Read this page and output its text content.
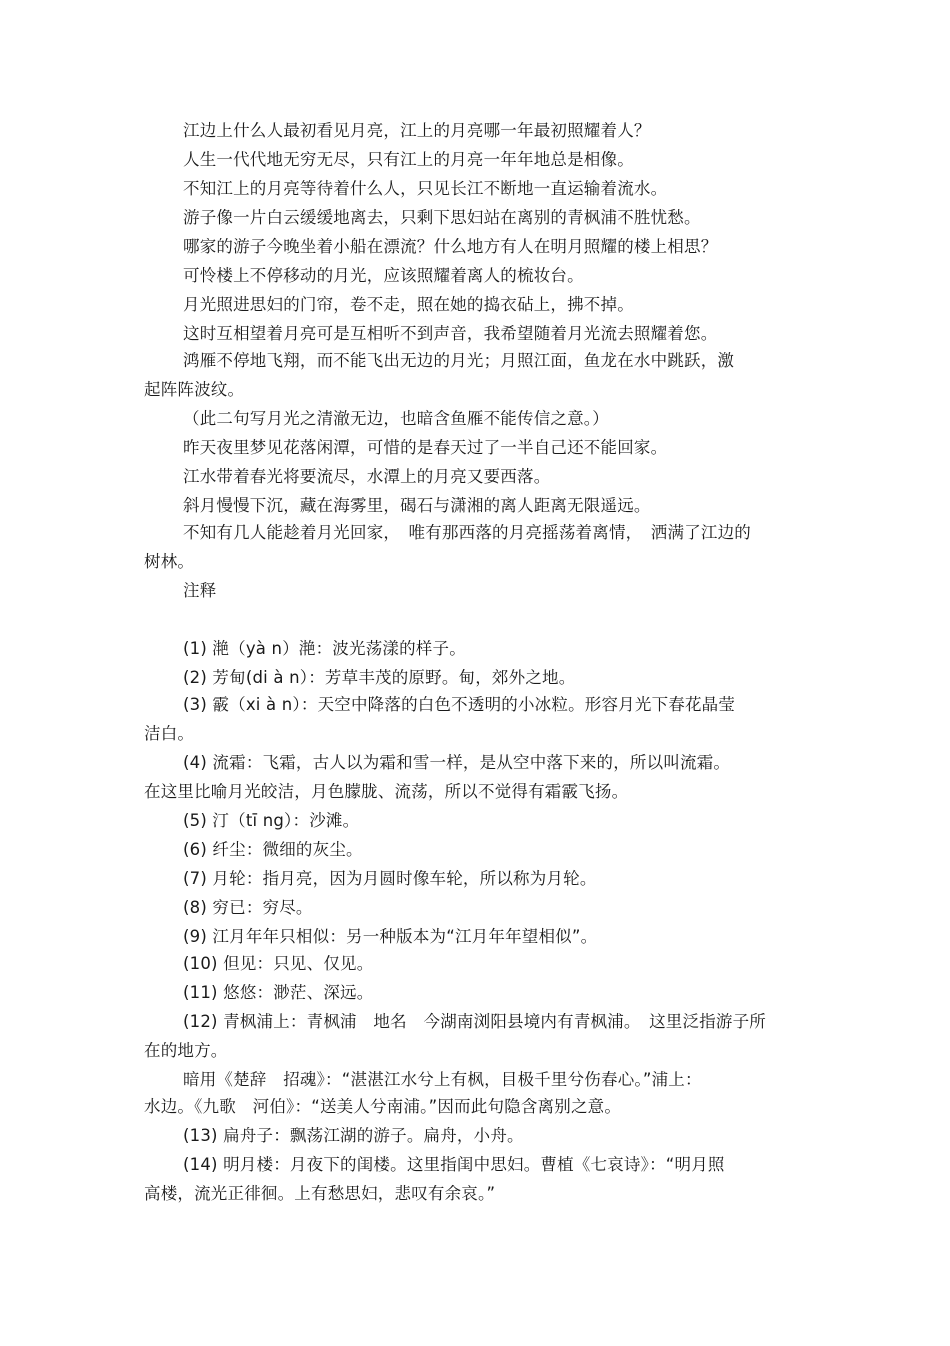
江边上什么人最初看见月亮，江上的月亮哪一年最初照耀着人？
人生一代代地无穷无尽，只有江上的月亮一年年地总是相像。
不知江上的月亮等待着什么人，只见长江不断地一直运输着流水。
游子像一片白云缓缓地离去，只剩下思妇站在离别的青枫浦不胜忧愁。
哪家的游子今晚坐着小船在漂流？什么地方有人在明月照耀的楼上相思？
可怜楼上不停移动的月光，应该照耀着离人的梳妆台。
月光照进思妇的门帘，卷不走，照在她的捣衣砧上，拂不掉。
这时互相望着月亮可是互相听不到声音，我希望随着月光流去照耀着您。
鸿雁不停地飞翔，而不能飞出无边的月光；月照江面，鱼龙在水中跳跃，激
起阵阵波纹。
（此二句写月光之清澈无边，也暗含鱼雁不能传信之意。）
昨天夜里梦见花落闲潭，可惜的是春天过了一半自己还不能回家。
江水带着春光将要流尽，水潭上的月亮又要西落。
斜月慢慢下沉，藏在海雾里，碣石与潇湘的离人距离无限遥远。
不知有几人能趁着月光回家，　唯有那西落的月亮摇荡着离情，　洒满了江边的
树林。
注释
(1) 滟（yà n）滟：波光荡漾的样子。
(2) 芳甸(di à n）：芳草丰茂的原野。甸，郊外之地。
(3) 霰（xi à n）：天空中降落的白色不透明的小冰粒。形容月光下春花晶莹
洁白。
(4) 流霜：飞霜，古人以为霜和雪一样，是从空中落下来的，所以叫流霜。
在这里比喻月光皎洁，月色朦胧、流荡，所以不觉得有霜霰飞扬。
(5) 汀（tī ng）：沙滩。
(6) 纤尘：微细的灰尘。
(7) 月轮：指月亮，因为月圆时像车轮，所以称为月轮。
(8) 穷已：穷尽。
(9) 江月年年只相似：另一种版本为“江月年年望相似”。
(10) 但见：只见、仅见。
(11) 悠悠：渺茫、深远。
(12) 青枫浦上：青枫浦　地名　今湖南浏阳县境内有青枫浦。　这里泛指游子所
在的地方。
暗用《楚辞　招魂》：“湛湛江水兮上有枫，目极千里兮伤春心。”浦上：
水边。《九歌　河伯》：“送美人兮南浦。”因而此句隐含离别之意。
(13) 扁舟子：飘荡江湖的游子。扁舟，小舟。
(14) 明月楼：月夜下的闺楼。这里指闺中思妇。曹植《七哀诗》：“明月照
高楼，流光正徘徊。上有愁思妇，悲叹有余哀。”
